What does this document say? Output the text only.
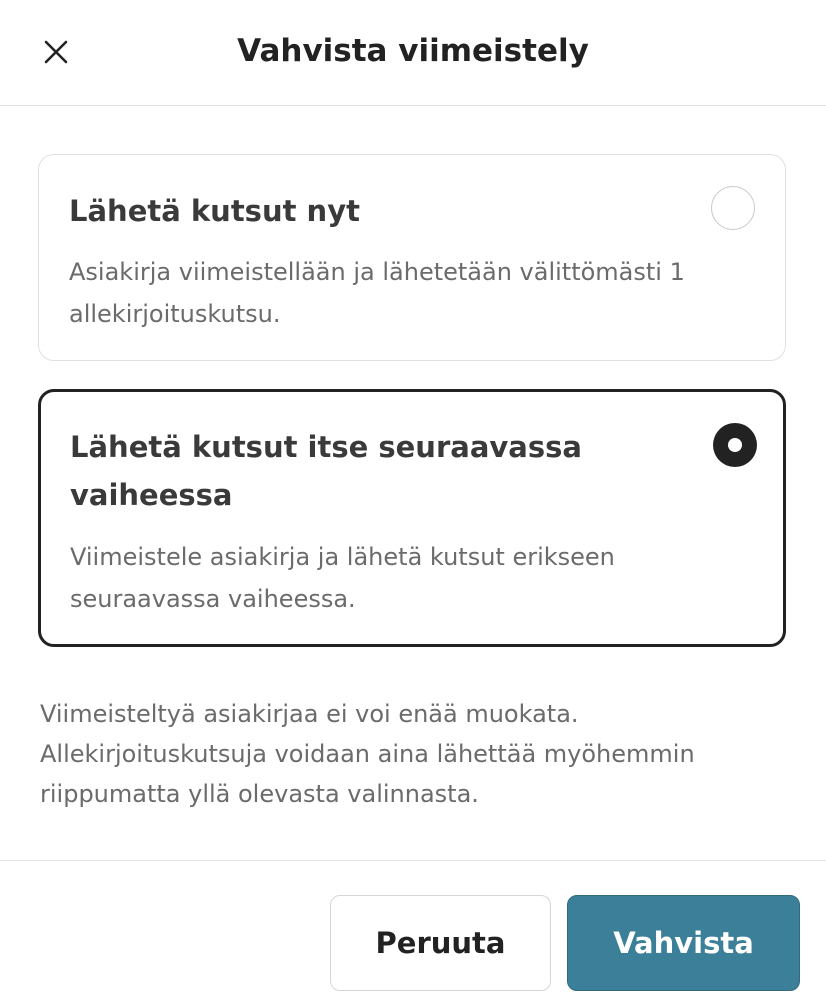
Vahvista viimeistely
Lähetä kutsut nyt
Asiakirja viimeistellään ja lähetetään välittömästi 1 allekirjoituskutsu.
Lähetä kutsut itse seuraavassa vaiheessa
Viimeistele asiakirja ja lähetä kutsut erikseen seuraavassa vaiheessa.
Viimeisteltyä asiakirjaa ei voi enää muokata. Allekirjoituskutsuja voidaan aina lähettää myöhemmin riippumatta yllä olevasta valinnasta.
Peruuta	Vahvista
